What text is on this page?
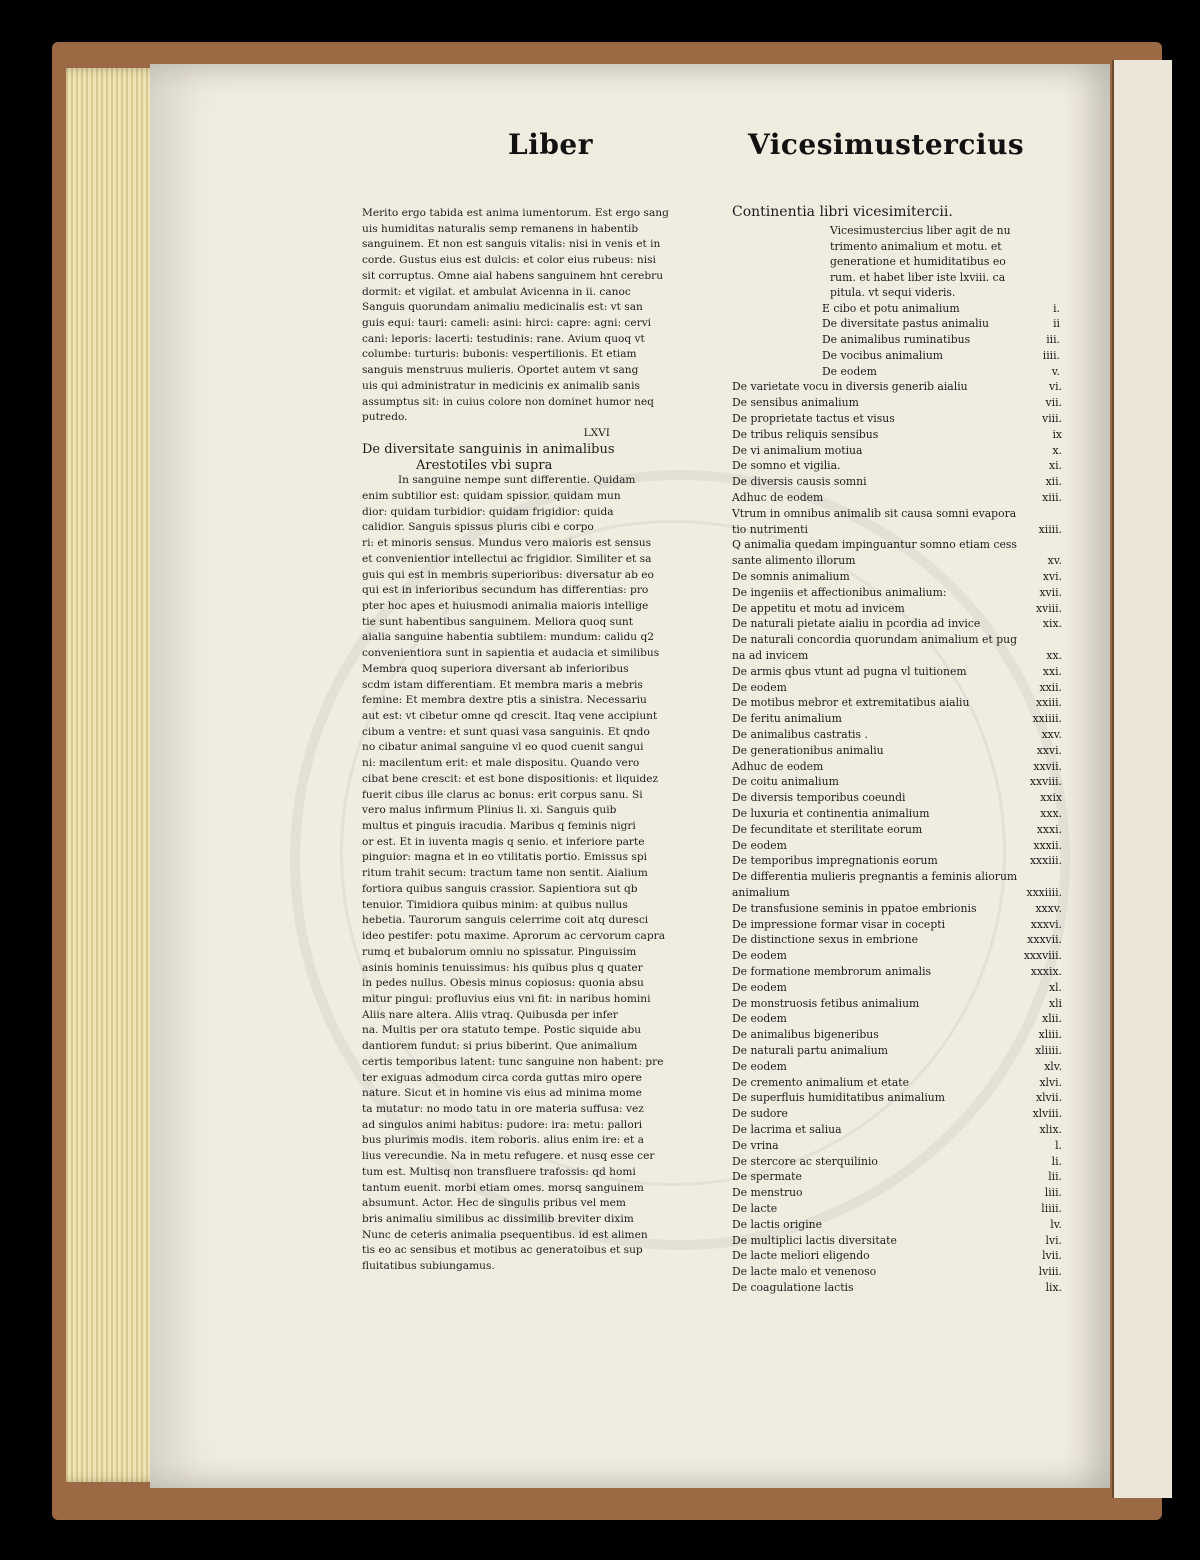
Liber	Vicesimustercius
Merito ergo tabida est anima iumentorum. Est ergo sang
uis humiditas naturalis semp remanens in habentib
sanguinem. Et non est sanguis vitalis: nisi in venis et in
corde. Gustus eius est dulcis: et color eius rubeus: nisi
sit corruptus. Omne aial habens sanguinem hnt cerebru
dormit: et vigilat. et ambulat Avicenna in ii. canoc
Sanguis quorundam animaliu medicinalis est: vt san
guis equi: tauri: cameli: asini: hirci: capre: agni: cervi
cani: leporis: lacerti: testudinis: rane. Avium quoq vt
columbe: turturis: bubonis: vespertilionis. Et etiam
sanguis menstruus mulieris. Oportet autem vt sang
uis qui administratur in medicinis ex animalib sanis
assumptus sit: in cuius colore non dominet humor neq
putredo.
LXVI
De diversitate sanguinis in animalibus
Arestotiles vbi supra
In sanguine nempe sunt differentie. Quidam
enim subtilior est: quidam spissior. quidam mun
dior: quidam turbidior: quidam frigidior: quida
calidior. Sanguis spissus pluris cibi e corpo
ri: et minoris sensus. Mundus vero maioris est sensus
et convenientior intellectui ac frigidior. Similiter et sa
guis qui est in membris superioribus: diversatur ab eo
qui est in inferioribus secundum has differentias: pro
pter hoc apes et huiusmodi animalia maioris intellige
tie sunt habentibus sanguinem. Meliora quoq sunt
aialia sanguine habentia subtilem: mundum: calidu q2
convenientiora sunt in sapientia et audacia et similibus
Membra quoq superiora diversant ab inferioribus
scdm istam differentiam. Et membra maris a mebris
femine: Et membra dextre ptis a sinistra. Necessariu
aut est: vt cibetur omne qd crescit. Itaq vene accipiunt
cibum a ventre: et sunt quasi vasa sanguinis. Et qndo
no cibatur animal sanguine vl eo quod cuenit sangui
ni: macilentum erit: et male dispositu. Quando vero
cibat bene crescit: et est bone dispositionis: et liquidez
fuerit cibus ille clarus ac bonus: erit corpus sanu. Si
vero malus infirmum Plinius li. xi. Sanguis quib
multus et pinguis iracudia. Maribus q feminis nigri
or est. Et in iuventa magis q senio. et inferiore parte
pinguior: magna et in eo vtilitatis portio. Emissus spi
ritum trahit secum: tractum tame non sentit. Aialium
fortiora quibus sanguis crassior. Sapientiora sut qb
tenuior. Timidiora quibus minim: at quibus nullus
hebetia. Taurorum sanguis celerrime coit atq duresci
ideo pestifer: potu maxime. Aprorum ac cervorum capra
rumq et bubalorum omniu no spissatur. Pinguissim
asinis hominis tenuissimus: his quibus plus q quater
in pedes nullus. Obesis minus copiosus: quonia absu
mitur pingui: profluvius eius vni fit: in naribus homini
Aliis nare altera. Aliis vtraq. Quibusda per infer
na. Multis per ora statuto tempe. Postic siquide abu
dantiorem fundut: si prius biberint. Que animalium
certis temporibus latent: tunc sanguine non habent: pre
ter exiguas admodum circa corda guttas miro opere
nature. Sicut et in homine vis eius ad minima mome
ta mutatur: no modo tatu in ore materia suffusa: vez
ad singulos animi habitus: pudore: ira: metu: pallori
bus plurimis modis. item roboris. alius enim ire: et a
lius verecundie. Na in metu refugere. et nusq esse cer
tum est. Multisq non transfluere trafossis: qd homi
tantum euenit. morbi etiam omes. morsq sanguinem
absumunt. Actor. Hec de singulis pribus vel mem
bris animaliu similibus ac dissimilib breviter dixim
Nunc de ceteris animalia psequentibus. id est alimen
tis eo ac sensibus et motibus ac generatoibus et sup
fluitatibus subiungamus.
Continentia libri vicesimitercii.
Vicesimustercius liber agit de nu
trimento animalium et motu. et
generatione et humiditatibus eo
rum. et habet liber iste lxviii. ca
pitula. vt sequi videris.
E cibo et potu animalium	i.
De diversitate pastus animaliu	ii
De animalibus ruminatibus	iii.
De vocibus animalium	iiii.
De eodem	v.
De varietate vocu in diversis generib aialiu	vi.
De sensibus animalium	vii.
De proprietate tactus et visus	viii.
De tribus reliquis sensibus	ix
De vi animalium motiua	x.
De somno et vigilia.	xi.
De diversis causis somni	xii.
Adhuc de eodem	xiii.
Vtrum in omnibus animalib sit causa somni evapora
tio nutrimenti	xiiii.
Q animalia quedam impinguantur somno etiam cess
sante alimento illorum	xv.
De somnis animalium	xvi.
De ingeniis et affectionibus animalium:	xvii.
De appetitu et motu ad invicem	xviii.
De naturali pietate aialiu in pcordia ad invice	xix.
De naturali concordia quorundam animalium et pug
na ad invicem	xx.
De armis qbus vtunt ad pugna vl tuitionem	xxi.
De eodem	xxii.
De motibus mebror et extremitatibus aialiu	xxiii.
De feritu animalium	xxiiii.
De animalibus castratis .	xxv.
De generationibus animaliu	xxvi.
Adhuc de eodem	xxvii.
De coitu animalium	xxviii.
De diversis temporibus coeundi	xxix
De luxuria et continentia animalium	xxx.
De fecunditate et sterilitate eorum	xxxi.
De eodem	xxxii.
De temporibus impregnationis eorum	xxxiii.
De differentia mulieris pregnantis a feminis aliorum
animalium	xxxiiii.
De transfusione seminis in ppatoe embrionis	xxxv.
De impressione formar visar in cocepti	xxxvi.
De distinctione sexus in embrione	xxxvii.
De eodem	xxxviii.
De formatione membrorum animalis	xxxix.
De eodem	xl.
De monstruosis fetibus animalium	xli
De eodem	xlii.
De animalibus bigeneribus	xliii.
De naturali partu animalium	xliiii.
De eodem	xlv.
De cremento animalium et etate	xlvi.
De superfluis humiditatibus animalium	xlvii.
De sudore	xlviii.
De lacrima et saliua	xlix.
De vrina	l.
De stercore ac sterquilinio	li.
De spermate	lii.
De menstruo	liii.
De lacte	liiii.
De lactis origine	lv.
De multiplici lactis diversitate	lvi.
De lacte meliori eligendo	lvii.
De lacte malo et venenoso	lviii.
De coagulatione lactis	lix.
